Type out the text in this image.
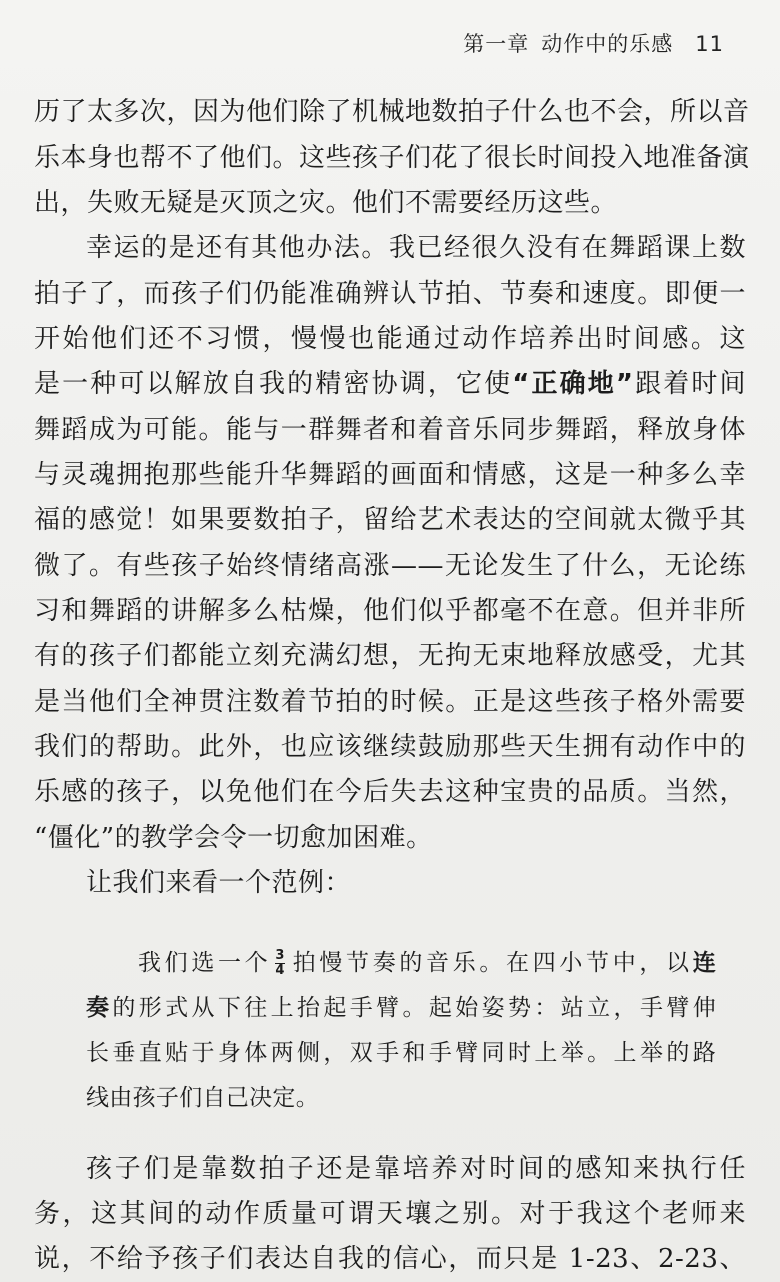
第一章 动作中的乐感 11
历了太多次，因为他们除了机械地数拍子什么也不会，所以音
乐本身也帮不了他们。这些孩子们花了很长时间投入地准备演
出，失败无疑是灭顶之灾。他们不需要经历这些。
幸运的是还有其他办法。我已经很久没有在舞蹈课上数
拍子了，而孩子们仍能准确辨认节拍、节奏和速度。即便一
开始他们还不习惯，慢慢也能通过动作培养出时间感。这
是一种可以解放自我的精密协调，它使“正确地”跟着时间
舞蹈成为可能。能与一群舞者和着音乐同步舞蹈，释放身体
与灵魂拥抱那些能升华舞蹈的画面和情感，这是一种多么幸
福的感觉！如果要数拍子，留给艺术表达的空间就太微乎其
微了。有些孩子始终情绪高涨——无论发生了什么，无论练
习和舞蹈的讲解多么枯燥，他们似乎都毫不在意。但并非所
有的孩子们都能立刻充满幻想，无拘无束地释放感受，尤其
是当他们全神贯注数着节拍的时候。正是这些孩子格外需要
我们的帮助。此外，也应该继续鼓励那些天生拥有动作中的
乐感的孩子，以免他们在今后失去这种宝贵的品质。当然，
“僵化”的教学会令一切愈加困难。
让我们来看一个范例：
我们选一个 $\frac{3}{4}$ 拍慢节奏的音乐。在四小节中，以连
奏的形式从下往上抬起手臂。起始姿势：站立，手臂伸
长垂直贴于身体两侧，双手和手臂同时上举。上举的路
线由孩子们自己决定。
孩子们是靠数拍子还是靠培养对时间的感知来执行任
务，这其间的动作质量可谓天壤之别。对于我这个老师来
说，不给予孩子们表达自我的信心，而只是 1-23、2-23、
